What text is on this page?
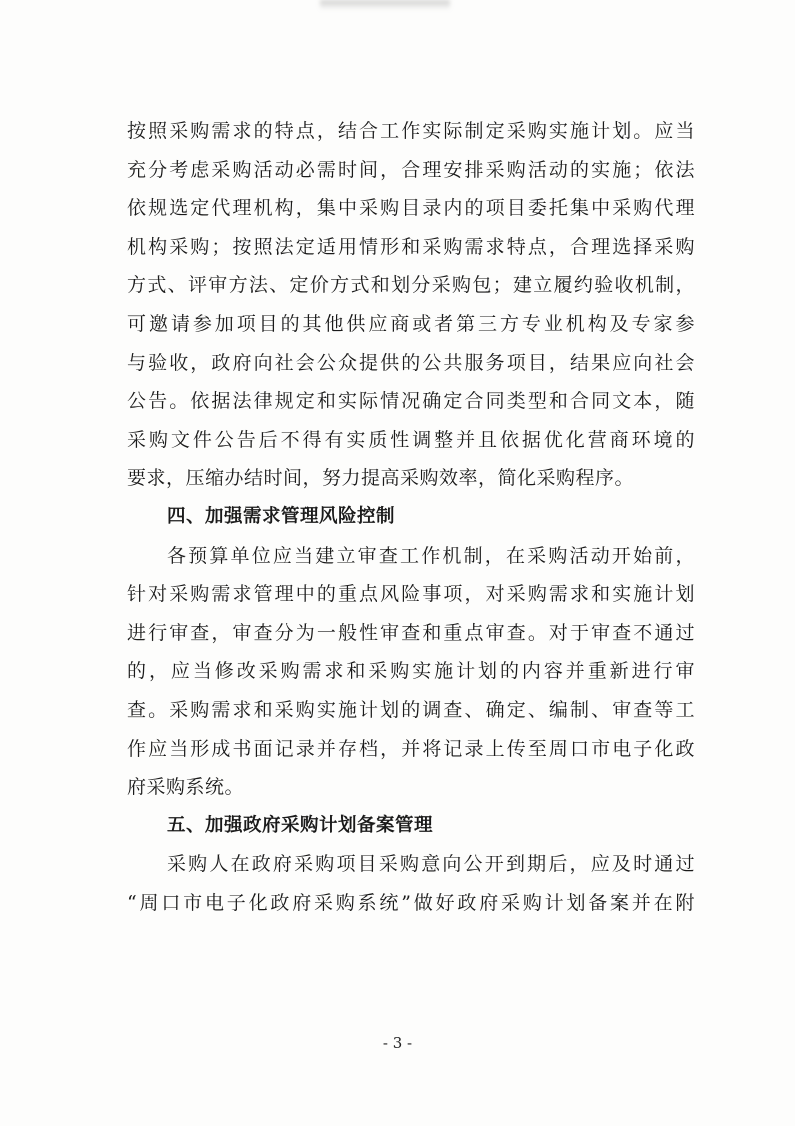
按照采购需求的特点，结合工作实际制定采购实施计划。应当
充分考虑采购活动必需时间，合理安排采购活动的实施；依法
依规选定代理机构，集中采购目录内的项目委托集中采购代理
机构采购；按照法定适用情形和采购需求特点，合理选择采购
方式、评审方法、定价方式和划分采购包；建立履约验收机制，
可邀请参加项目的其他供应商或者第三方专业机构及专家参
与验收，政府向社会公众提供的公共服务项目，结果应向社会
公告。依据法律规定和实际情况确定合同类型和合同文本，随
采购文件公告后不得有实质性调整并且依据优化营商环境的
要求，压缩办结时间，努力提高采购效率，简化采购程序。
四、加强需求管理风险控制
各预算单位应当建立审查工作机制，在采购活动开始前，
针对采购需求管理中的重点风险事项，对采购需求和实施计划
进行审查，审查分为一般性审查和重点审查。对于审查不通过
的，应当修改采购需求和采购实施计划的内容并重新进行审
查。采购需求和采购实施计划的调查、确定、编制、审查等工
作应当形成书面记录并存档，并将记录上传至周口市电子化政
府采购系统。
五、加强政府采购计划备案管理
采购人在政府采购项目采购意向公开到期后，应及时通过
“周口市电子化政府采购系统”做好政府采购计划备案并在附
- 3 -
